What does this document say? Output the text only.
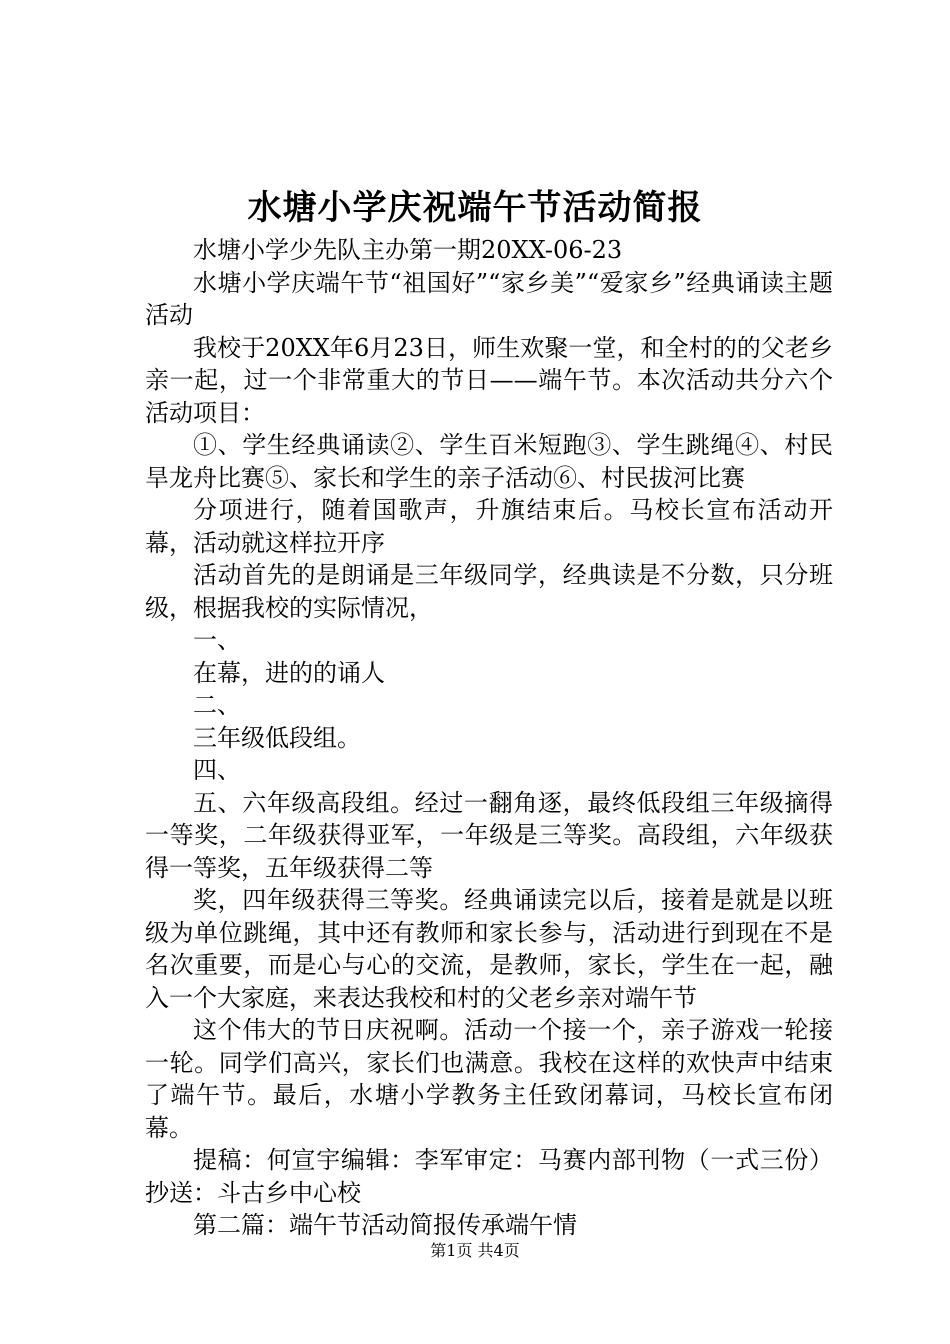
水塘小学庆祝端午节活动简报

水塘小学少先队主办第一期20XX-06-23

水塘小学庆端午节“祖国好”“家乡美”“爱家乡”经典诵读主题活动

我校于20XX年6月23日，师生欢聚一堂，和全村的的父老乡亲一起，过一个非常重大的节日——端午节。本次活动共分六个活动项目：

①、学生经典诵读②、学生百米短跑③、学生跳绳④、村民旱龙舟比赛⑤、家长和学生的亲子活动⑥、村民拔河比赛

分项进行，随着国歌声，升旗结束后。马校长宣布活动开幕，活动就这样拉开序

活动首先的是朗诵是三年级同学，经典读是不分数，只分班级，根据我校的实际情况，

一、

在幕，进的的诵人

二、

三年级低段组。

四、

五、六年级高段组。经过一翻角逐，最终低段组三年级摘得一等奖，二年级获得亚军，一年级是三等奖。高段组，六年级获得一等奖，五年级获得二等

奖，四年级获得三等奖。经典诵读完以后，接着是就是以班级为单位跳绳，其中还有教师和家长参与，活动进行到现在不是名次重要，而是心与心的交流，是教师，家长，学生在一起，融入一个大家庭，来表达我校和村的父老乡亲对端午节

这个伟大的节日庆祝啊。活动一个接一个，亲子游戏一轮接一轮。同学们高兴，家长们也满意。我校在这样的欢快声中结束了端午节。最后，水塘小学教务主任致闭幕词，马校长宣布闭幕。

提稿：何宣宇编辑：李军审定：马赛内部刊物（一式三份）抄送：斗古乡中心校

第二篇：端午节活动简报传承端午情

第1页 共4页
